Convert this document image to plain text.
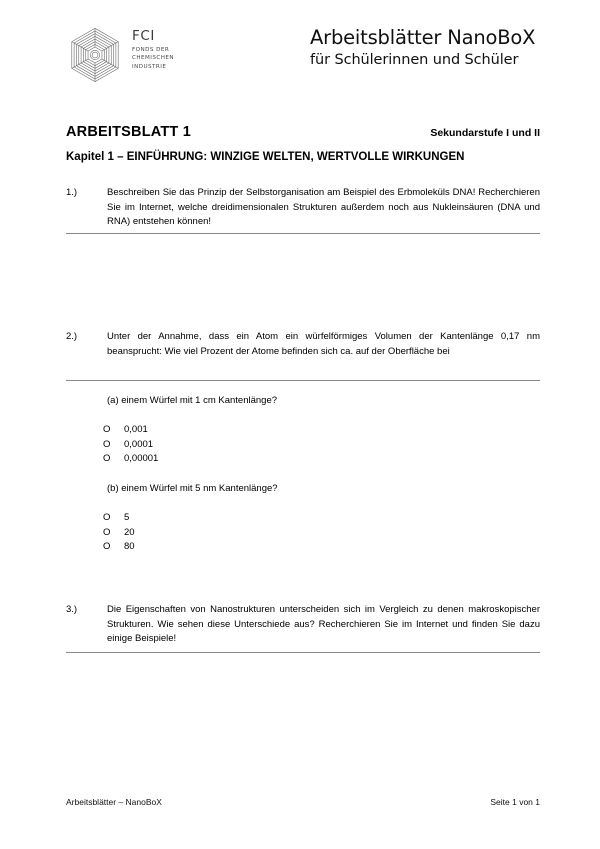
FCI
FONDS DER
CHEMISCHEN
INDUSTRIE
Arbeitsblätter NanoBoX
für Schülerinnen und Schüler
ARBEITSBLATT 1	Sekundarstufe I und II
Kapitel 1 – EINFÜHRUNG: WINZIGE WELTEN, WERTVOLLE WIRKUNGEN
1.)	Beschreiben Sie das Prinzip der Selbstorganisation am Beispiel des Erbmoleküls DNA! Recherchieren Sie im Internet, welche dreidimensionalen Strukturen außerdem noch aus Nukleinsäuren (DNA und RNA) entstehen können!
2.)	Unter der Annahme, dass ein Atom ein würfelförmiges Volumen der Kantenlänge 0,17 nm beansprucht: Wie viel Prozent der Atome befinden sich ca. auf der Oberfläche bei
(a) einem Würfel mit 1 cm Kantenlänge?
O	0,001
O	0,0001
O	0,00001
(b) einem Würfel mit 5 nm Kantenlänge?
O	5
O	20
O	80
3.)	Die Eigenschaften von Nanostrukturen unterscheiden sich im Vergleich zu denen makroskopischer Strukturen. Wie sehen diese Unterschiede aus? Recherchieren Sie im Internet und finden Sie dazu einige Beispiele!
Arbeitsblätter – NanoBoX	Seite 1 von 1
